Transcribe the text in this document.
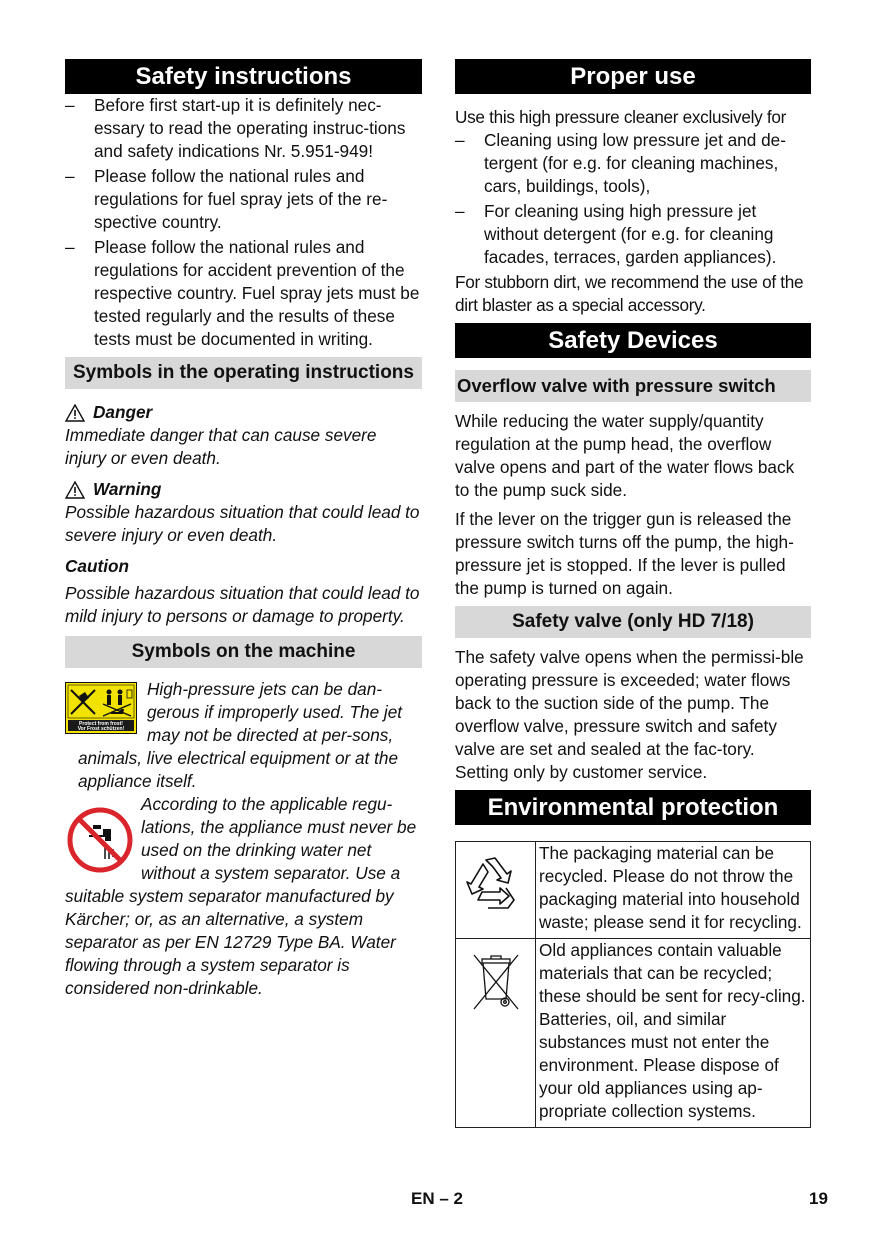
Safety instructions
– Before first start-up it is definitely nec-essary to read the operating instruc-tions and safety indications Nr. 5.951-949!
– Please follow the national rules and regulations for fuel spray jets of the re-spective country.
– Please follow the national rules and regulations for accident prevention of the respective country. Fuel spray jets must be tested regularly and the results of these tests must be documented in writing.
Symbols in the operating instructions
Danger

Immediate danger that can cause severe injury or even death.

Warning

Possible hazardous situation that could lead to severe injury or even death.

Caution

Possible hazardous situation that could lead to mild injury to persons or damage to property.

Symbols on the machine
Protect from frost!
Vor Frost schützen!

High-pressure jets can be dan-gerous if improperly used. The jet may not be directed at per-sons, animals, live electrical equipment or at the appliance itself.

According to the applicable regu-lations, the appliance must never be used on the drinking water net without a system separator. Use a suitable system separator manufactured by Kärcher; or, as an alternative, a system separator as per EN 12729 Type BA. Water flowing through a system separator is considered non-drinkable.

Proper use

Use this high pressure cleaner exclusively for

– Cleaning using low pressure jet and de-tergent (for e.g. for cleaning machines, cars, buildings, tools),
– For cleaning using high pressure jet without detergent (for e.g. for cleaning facades, terraces, garden appliances).

For stubborn dirt, we recommend the use of the dirt blaster as a special accessory.

Safety Devices
Overflow valve with pressure switch

While reducing the water supply/quantity regulation at the pump head, the overflow valve opens and part of the water flows back to the pump suck side.

If the lever on the trigger gun is released the pressure switch turns off the pump, the high-pressure jet is stopped. If the lever is pulled the pump is turned on again.

Safety valve (only HD 7/18)

The safety valve opens when the permissi-ble operating pressure is exceeded; water flows back to the suction side of the pump. The overflow valve, pressure switch and safety valve are set and sealed at the fac-tory.

Setting only by customer service.

Environmental protection
	The packaging material can be recycled. Please do not throw the packaging material into household waste; please send it for recycling.
	Old appliances contain valuable materials that can be recycled; these should be sent for recy-cling. Batteries, oil, and similar substances must not enter the environment. Please dispose of your old appliances using ap-propriate collection systems.
EN – 2	19
